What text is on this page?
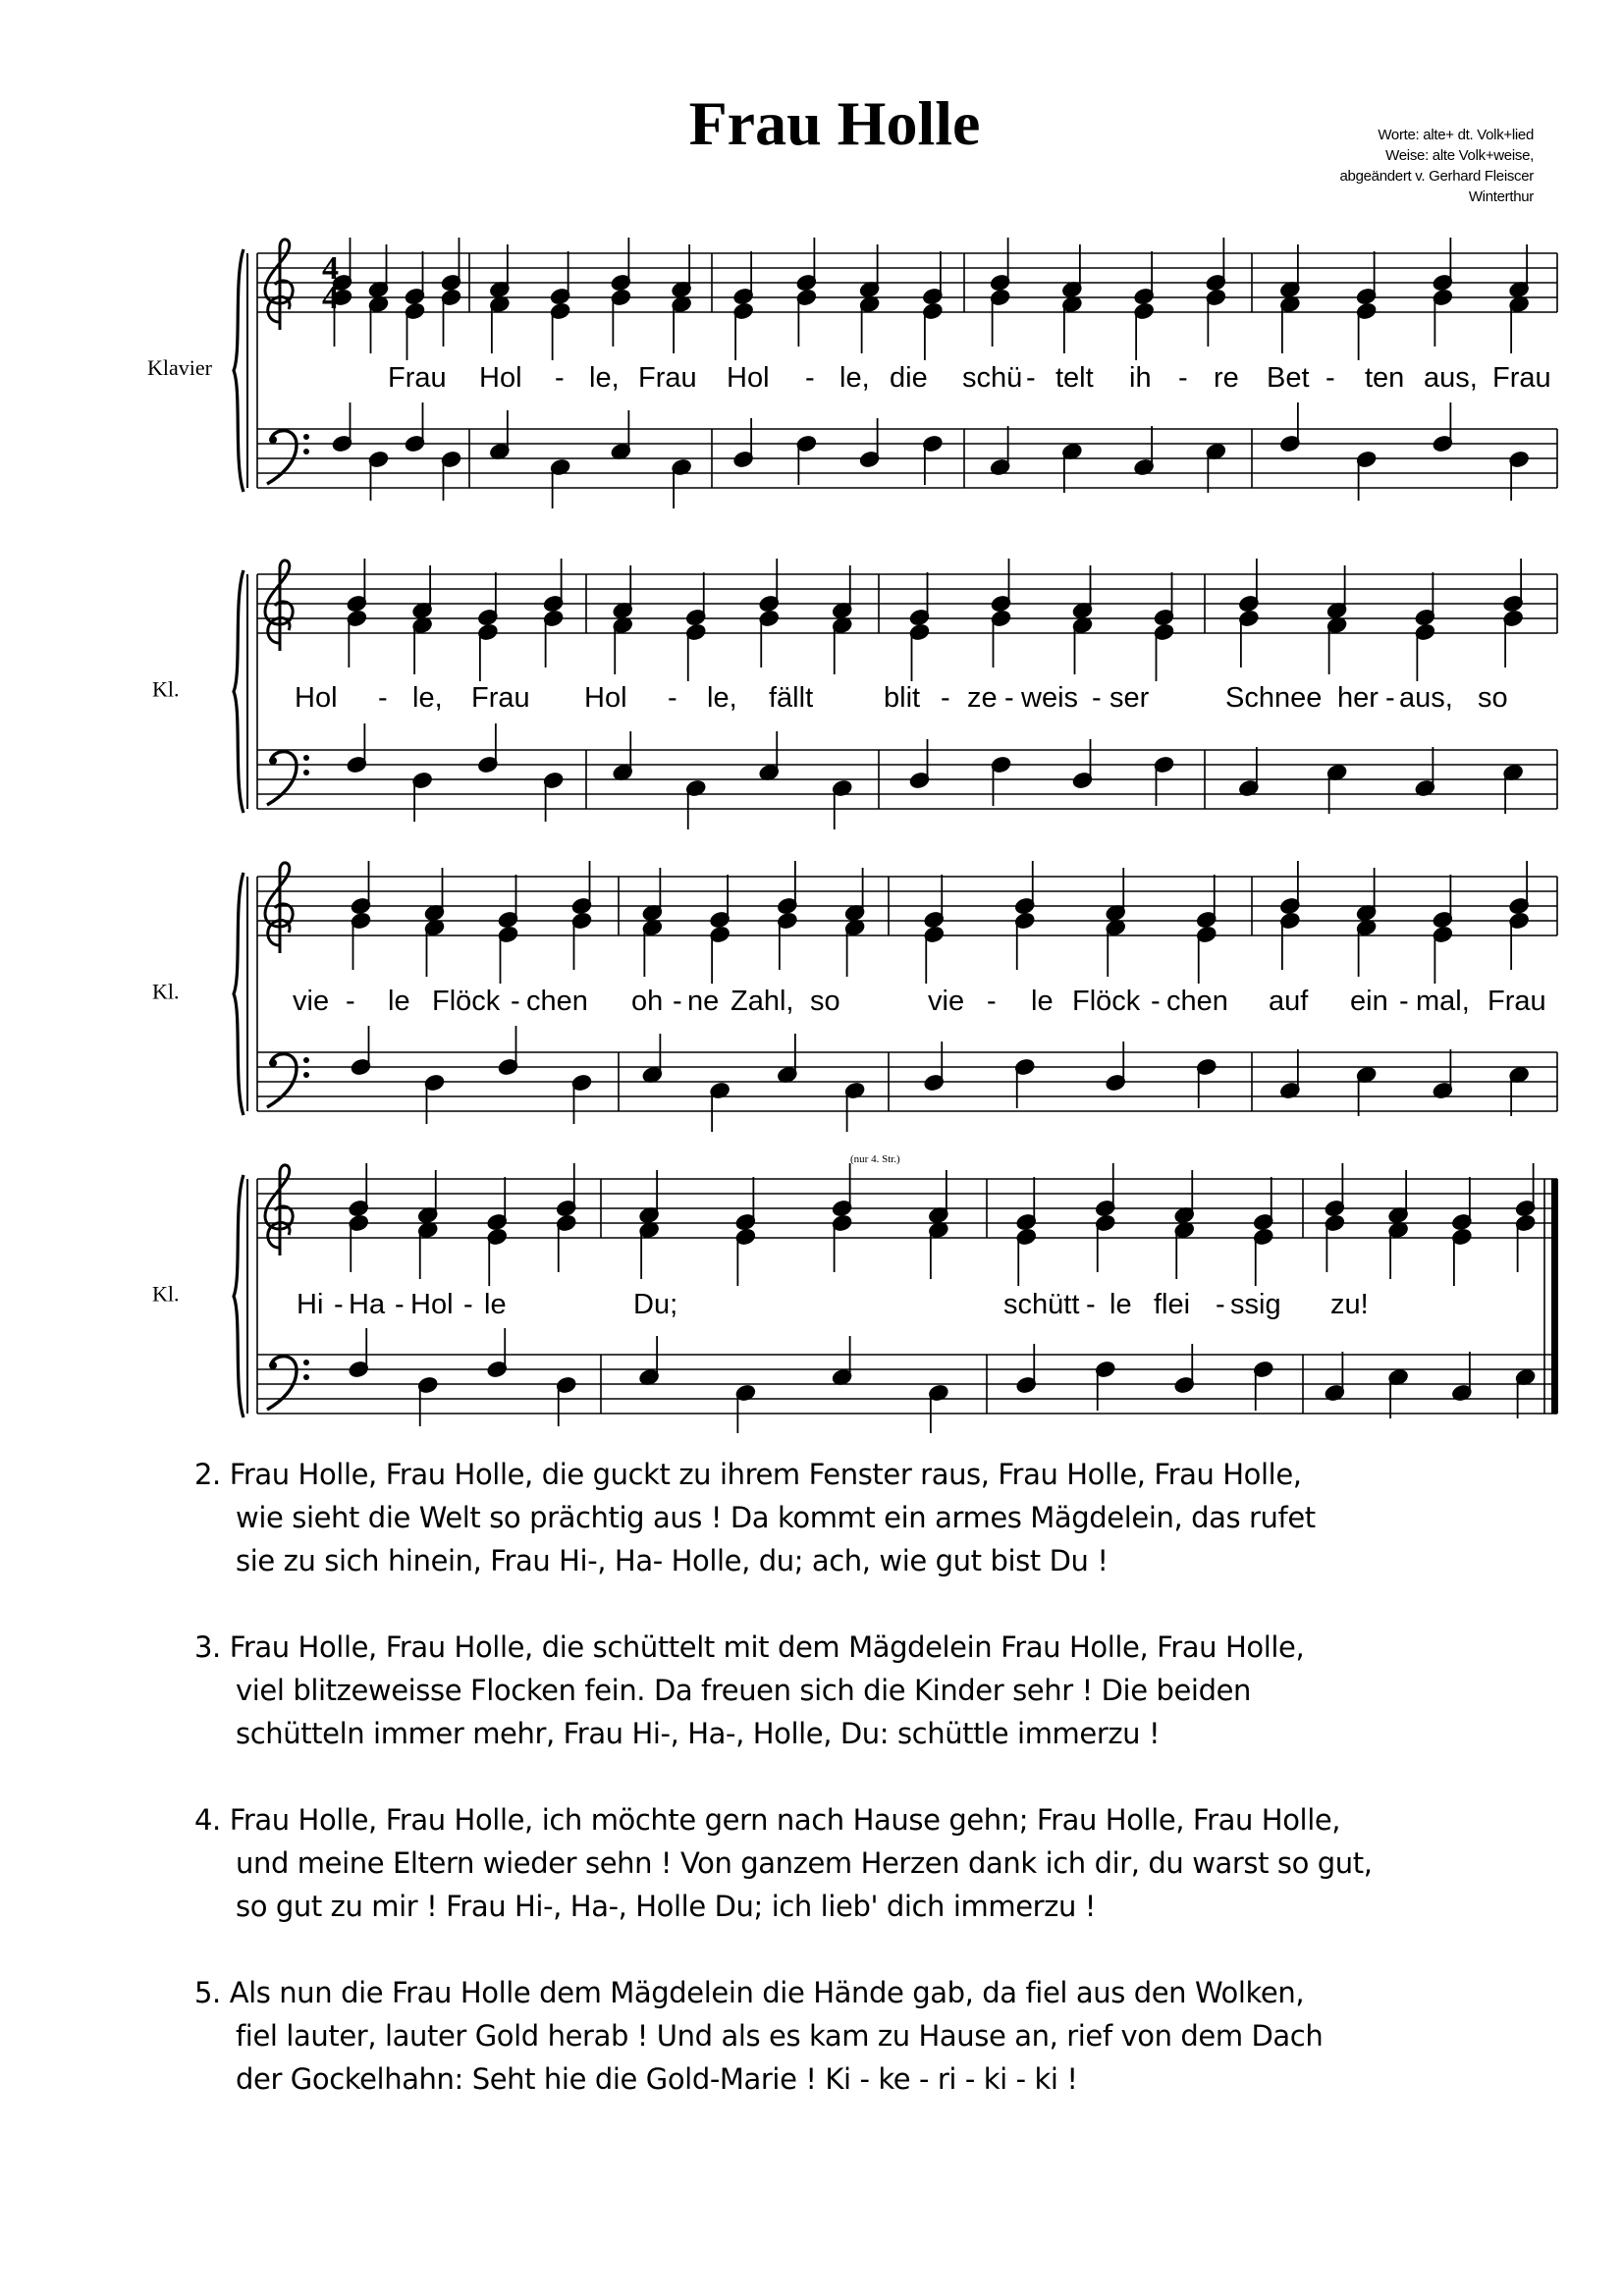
Frau Holle	Worte: alte+ dt. Volk+lied
Weise: alte Volk+weise,
abgeändert v. Gerhard Fleiscer
Winterthur
Klavier	Frau Hol - le, Frau Hol - le, die schü - telt ih - re Bet - ten aus, Frau
Kl.	Hol - le, Frau Hol - le, fällt blit - ze - weis - ser	Schnee her - aus, so
Kl.	vie - le Flöck - chen oh - ne Zahl, so	vie - le Flöck - chen auf ein - mal, Frau
Kl.	Hi - Ha - Hol - le	Du;	schütt - le flei - ssig zu!
4
4
(nur 4. Str.)
2. Frau Holle, Frau Holle, die guckt zu ihrem Fenster raus, Frau Holle, Frau Holle,
wie sieht die Welt so prächtig aus ! Da kommt ein armes Mägdelein, das rufet
sie zu sich hinein, Frau Hi-, Ha- Holle, du; ach, wie gut bist Du !
3. Frau Holle, Frau Holle, die schüttelt mit dem Mägdelein Frau Holle, Frau Holle,
viel blitzeweisse Flocken fein. Da freuen sich die Kinder sehr ! Die beiden
schütteln immer mehr, Frau Hi-, Ha-, Holle, Du: schüttle immerzu !
4. Frau Holle, Frau Holle, ich möchte gern nach Hause gehn; Frau Holle, Frau Holle,
und meine Eltern wieder sehn ! Von ganzem Herzen dank ich dir, du warst so gut,
so gut zu mir ! Frau Hi-, Ha-, Holle Du; ich lieb' dich immerzu !
5. Als nun die Frau Holle dem Mägdelein die Hände gab, da fiel aus den Wolken,
fiel lauter, lauter Gold herab ! Und als es kam zu Hause an, rief von dem Dach
der Gockelhahn: Seht hie die Gold-Marie ! Ki - ke - ri - ki - ki !
